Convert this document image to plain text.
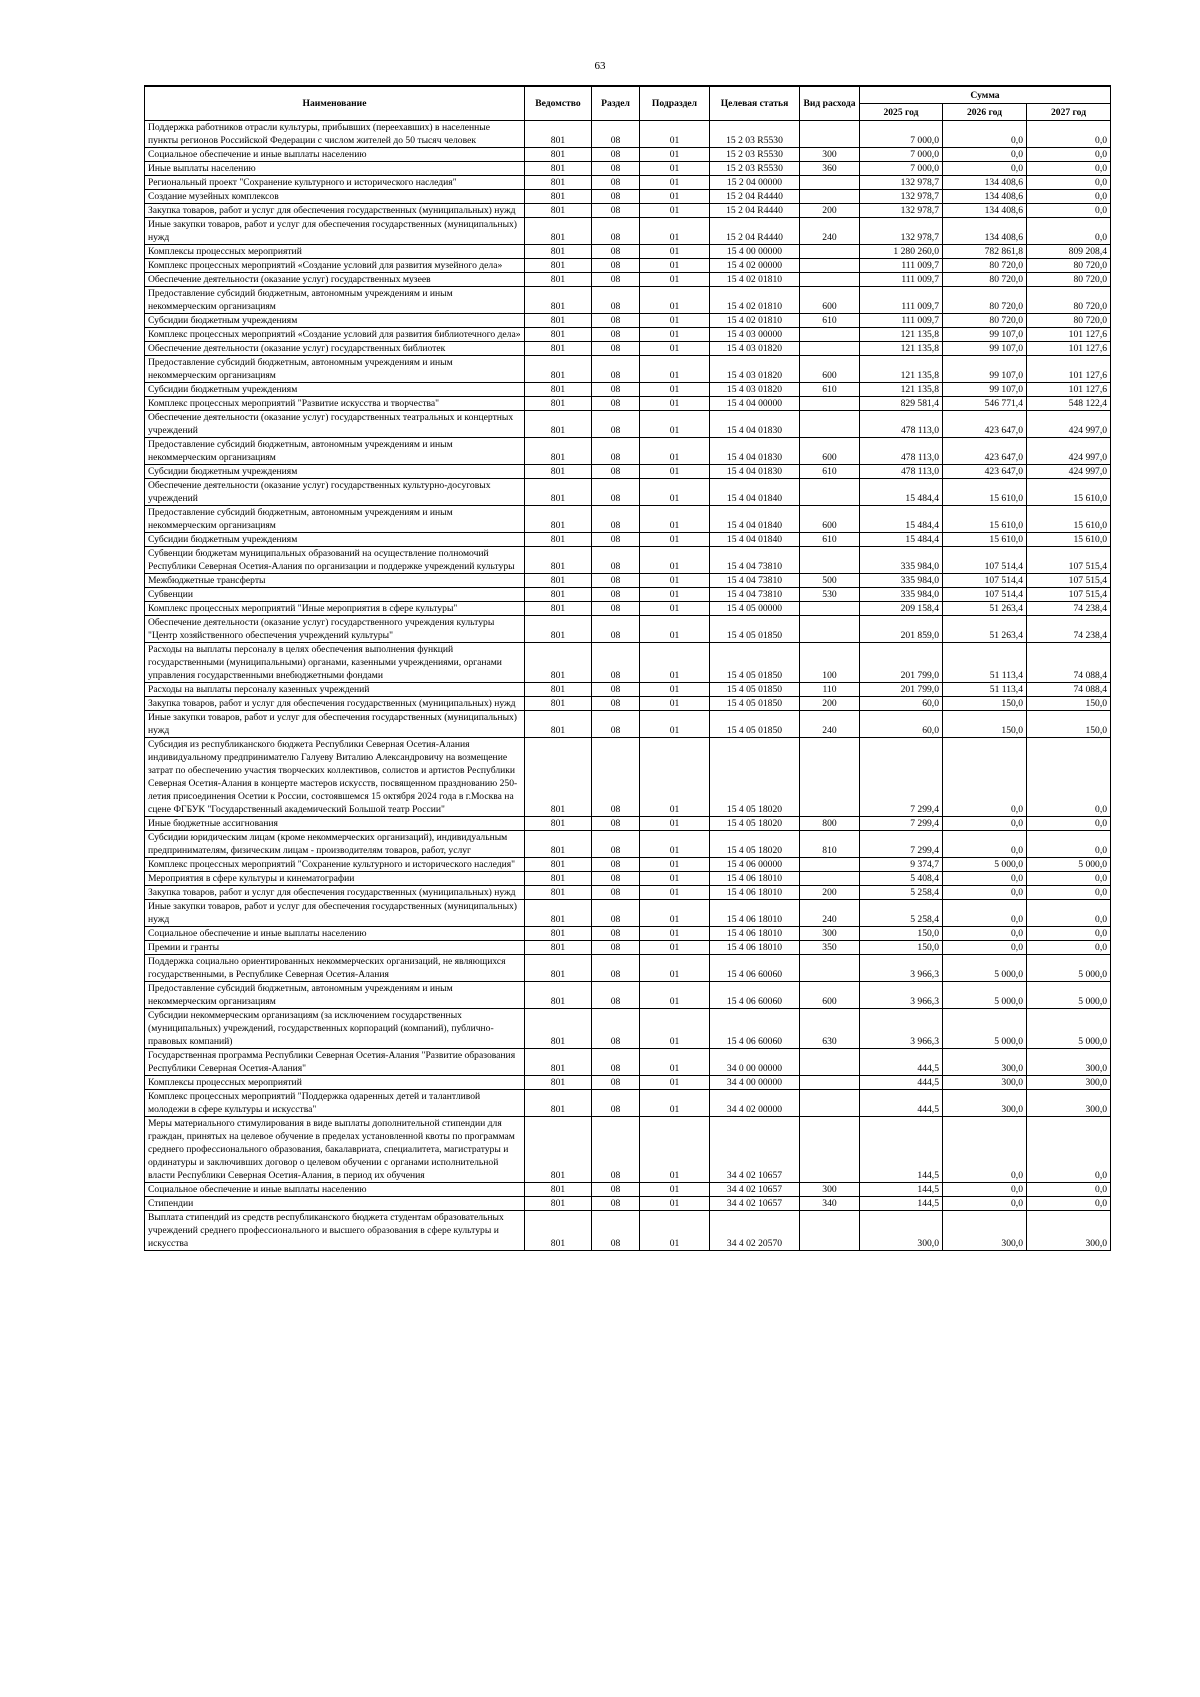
63
Наименование	Ведомство	Раздел	Подраздел	Целевая статья	Вид расхода	Сумма		
						2025 год	2026 год	2027 год
Поддержка работников отрасли культуры, прибывших (переехавших) в населенные пункты регионов Российской Федерации с числом жителей до 50 тысяч человек	801	08	01	15 2 03 R5530		7 000,0	0,0	0,0
Социальное обеспечение и иные выплаты населению	801	08	01	15 2 03 R5530	300	7 000,0	0,0	0,0
Иные выплаты населению	801	08	01	15 2 03 R5530	360	7 000,0	0,0	0,0
Региональный проект "Сохранение культурного и исторического наследия"	801	08	01	15 2 04 00000		132 978,7	134 408,6	0,0
Создание музейных комплексов	801	08	01	15 2 04 R4440		132 978,7	134 408,6	0,0
Закупка товаров, работ и услуг для обеспечения государственных (муниципальных) нужд	801	08	01	15 2 04 R4440	200	132 978,7	134 408,6	0,0
Иные закупки товаров, работ и услуг для обеспечения государственных (муниципальных) нужд	801	08	01	15 2 04 R4440	240	132 978,7	134 408,6	0,0
Комплексы процессных мероприятий	801	08	01	15 4 00 00000		1 280 260,0	782 861,8	809 208,4
Комплекс процессных мероприятий «Создание условий для развития музейного дела»	801	08	01	15 4 02 00000		111 009,7	80 720,0	80 720,0
Обеспечение деятельности (оказание услуг) государственных музеев	801	08	01	15 4 02 01810		111 009,7	80 720,0	80 720,0
Предоставление субсидий бюджетным, автономным учреждениям и иным некоммерческим организациям	801	08	01	15 4 02 01810	600	111 009,7	80 720,0	80 720,0
Субсидии бюджетным учреждениям	801	08	01	15 4 02 01810	610	111 009,7	80 720,0	80 720,0
Комплекс процессных мероприятий «Создание условий для развития библиотечного дела»	801	08	01	15 4 03 00000		121 135,8	99 107,0	101 127,6
Обеспечение деятельности (оказание услуг) государственных библиотек	801	08	01	15 4 03 01820		121 135,8	99 107,0	101 127,6
Предоставление субсидий бюджетным, автономным учреждениям и иным некоммерческим организациям	801	08	01	15 4 03 01820	600	121 135,8	99 107,0	101 127,6
Субсидии бюджетным учреждениям	801	08	01	15 4 03 01820	610	121 135,8	99 107,0	101 127,6
Комплекс процессных мероприятий "Развитие искусства и творчества"	801	08	01	15 4 04 00000		829 581,4	546 771,4	548 122,4
Обеспечение деятельности (оказание услуг) государственных театральных и концертных учреждений	801	08	01	15 4 04 01830		478 113,0	423 647,0	424 997,0
Предоставление субсидий бюджетным, автономным учреждениям и иным некоммерческим организациям	801	08	01	15 4 04 01830	600	478 113,0	423 647,0	424 997,0
Субсидии бюджетным учреждениям	801	08	01	15 4 04 01830	610	478 113,0	423 647,0	424 997,0
Обеспечение деятельности (оказание услуг) государственных культурно-досуговых учреждений	801	08	01	15 4 04 01840		15 484,4	15 610,0	15 610,0
Предоставление субсидий бюджетным, автономным учреждениям и иным некоммерческим организациям	801	08	01	15 4 04 01840	600	15 484,4	15 610,0	15 610,0
Субсидии бюджетным учреждениям	801	08	01	15 4 04 01840	610	15 484,4	15 610,0	15 610,0
Субвенции бюджетам муниципальных образований на осуществление полномочий Республики Северная Осетия-Алания по организации и поддержке учреждений культуры	801	08	01	15 4 04 73810		335 984,0	107 514,4	107 515,4
Межбюджетные трансферты	801	08	01	15 4 04 73810	500	335 984,0	107 514,4	107 515,4
Субвенции	801	08	01	15 4 04 73810	530	335 984,0	107 514,4	107 515,4
Комплекс процессных мероприятий "Иные мероприятия в сфере культуры"	801	08	01	15 4 05 00000		209 158,4	51 263,4	74 238,4
Обеспечение деятельности (оказание услуг) государственного учреждения культуры "Центр хозяйственного обеспечения учреждений культуры"	801	08	01	15 4 05 01850		201 859,0	51 263,4	74 238,4
Расходы на выплаты персоналу в целях обеспечения выполнения функций государственными (муниципальными) органами, казенными учреждениями, органами управления государственными внебюджетными фондами	801	08	01	15 4 05 01850	100	201 799,0	51 113,4	74 088,4
Расходы на выплаты персоналу казенных учреждений	801	08	01	15 4 05 01850	110	201 799,0	51 113,4	74 088,4
Закупка товаров, работ и услуг для обеспечения государственных (муниципальных) нужд	801	08	01	15 4 05 01850	200	60,0	150,0	150,0
Иные закупки товаров, работ и услуг для обеспечения государственных (муниципальных) нужд	801	08	01	15 4 05 01850	240	60,0	150,0	150,0
Субсидия из республиканского бюджета Республики Северная Осетия-Алания индивидуальному предпринимателю Галуеву Виталию Александровичу на возмещение затрат по обеспечению участия творческих коллективов, солистов и артистов Республики Северная Осетия-Алания в концерте мастеров искусств, посвященном празднованию 250-летия присоединения Осетии к России, состоявшемся 15 октября 2024 года в г.Москва на сцене ФГБУК "Государственный академический Большой театр России"	801	08	01	15 4 05 18020		7 299,4	0,0	0,0
Иные бюджетные ассигнования	801	08	01	15 4 05 18020	800	7 299,4	0,0	0,0
Субсидии юридическим лицам (кроме некоммерческих организаций), индивидуальным предпринимателям, физическим лицам - производителям товаров, работ, услуг	801	08	01	15 4 05 18020	810	7 299,4	0,0	0,0
Комплекс процессных мероприятий "Сохранение культурного и исторического наследия"	801	08	01	15 4 06 00000		9 374,7	5 000,0	5 000,0
Мероприятия в сфере культуры и кинематографии	801	08	01	15 4 06 18010		5 408,4	0,0	0,0
Закупка товаров, работ и услуг для обеспечения государственных (муниципальных) нужд	801	08	01	15 4 06 18010	200	5 258,4	0,0	0,0
Иные закупки товаров, работ и услуг для обеспечения государственных (муниципальных) нужд	801	08	01	15 4 06 18010	240	5 258,4	0,0	0,0
Социальное обеспечение и иные выплаты населению	801	08	01	15 4 06 18010	300	150,0	0,0	0,0
Премии и гранты	801	08	01	15 4 06 18010	350	150,0	0,0	0,0
Поддержка социально ориентированных некоммерческих организаций, не являющихся государственными, в Республике Северная Осетия-Алания	801	08	01	15 4 06 60060		3 966,3	5 000,0	5 000,0
Предоставление субсидий бюджетным, автономным учреждениям и иным некоммерческим организациям	801	08	01	15 4 06 60060	600	3 966,3	5 000,0	5 000,0
Субсидии некоммерческим организациям (за исключением государственных (муниципальных) учреждений, государственных корпораций (компаний), публично-правовых компаний)	801	08	01	15 4 06 60060	630	3 966,3	5 000,0	5 000,0
Государственная программа Республики Северная Осетия-Алания "Развитие образования Республики Северная Осетия-Алания"	801	08	01	34 0 00 00000		444,5	300,0	300,0
Комплексы процессных мероприятий	801	08	01	34 4 00 00000		444,5	300,0	300,0
Комплекс процессных мероприятий "Поддержка одаренных детей и талантливой молодежи в сфере культуры и искусства"	801	08	01	34 4 02 00000		444,5	300,0	300,0
Меры материального стимулирования в виде выплаты дополнительной стипендии для граждан, принятых на целевое обучение в пределах установленной квоты по программам среднего профессионального образования, бакалавриата, специалитета, магистратуры и ординатуры и заключивших договор о целевом обучении с органами исполнительной власти Республики Северная Осетия-Алания, в период их обучения	801	08	01	34 4 02 10657		144,5	0,0	0,0
Социальное обеспечение и иные выплаты населению	801	08	01	34 4 02 10657	300	144,5	0,0	0,0
Стипендии	801	08	01	34 4 02 10657	340	144,5	0,0	0,0
Выплата стипендий из средств республиканского бюджета студентам образовательных учреждений среднего профессионального и высшего образования в сфере культуры и искусства	801	08	01	34 4 02 20570		300,0	300,0	300,0
